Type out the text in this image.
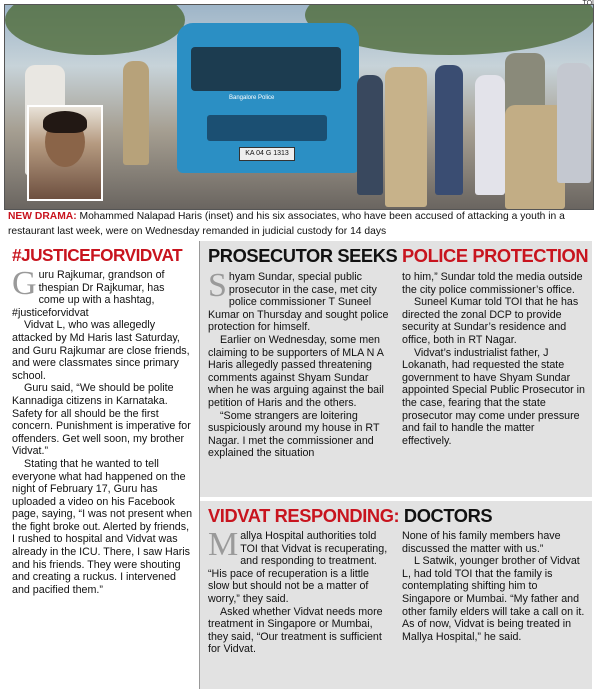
Bangalore Police
KA 04 G 1313
NEW DRAMA: Mohammed Nalapad Haris (inset) and his six associates, who have been accused of attacking a youth in a restaurant last week, were on Wednesday remanded in judicial custody for 14 days
#JUSTICEFORVIDVAT

Guru Rajkumar, grandson of thespian Dr Rajkumar, has come up with a hashtag, #justiceforvidvat

Vidvat L, who was allegedly attacked by Md Haris last Saturday, and Guru Rajkumar are close friends, and were classmates since primary school.

Guru said, “We should be polite Kannadiga citizens in Karnataka. Safety for all should be the first concern. Punishment is imperative for offenders. Get well soon, my brother Vidvat.”

Stating that he wanted to tell everyone what had happened on the night of February 17, Guru has uploaded a video on his Facebook page, saying, “I was not present when the fight broke out. Alerted by friends, I rushed to hospital and Vidvat was already in the ICU. There, I saw Haris and his friends. They were shouting and creating a ruckus. I intervened and pacified them.”

PROSECUTOR SEEKS POLICE PROTECTION

Shyam Sundar, special public prosecutor in the case, met city police commissioner T Suneel Kumar on Thursday and sought police protection for himself.

Earlier on Wednesday, some men claiming to be supporters of MLA N A Haris allegedly passed threatening comments against Shyam Sundar when he was arguing against the bail petition of Haris and the others.

“Some strangers are loitering suspiciously around my house in RT Nagar. I met the commissioner and explained the situation

to him,” Sundar told the media outside the city police commissioner’s office.

Suneel Kumar told TOI that he has directed the zonal DCP to provide security at Sundar’s residence and office, both in RT Nagar.

Vidvat’s industrialist father, J Lokanath, had requested the state government to have Shyam Sundar appointed Special Public Prosecutor in the case, fearing that the state prosecutor may come under pressure and fail to handle the matter effectively.

VIDVAT RESPONDING: DOCTORS

Mallya Hospital authorities told TOI that Vidvat is recuperating, and responding to treatment. “His pace of recuperation is a little slow but should not be a matter of worry,” they said.

Asked whether Vidvat needs more treatment in Singapore or Mumbai, they said, “Our treatment is sufficient for Vidvat.

None of his family members have discussed the matter with us.”

L Satwik, younger brother of Vidvat L, had told TOI that the family is contemplating shifting him to Singapore or Mumbai. “My father and other family elders will take a call on it. As of now, Vidvat is being treated in Mallya Hospital,” he said.
